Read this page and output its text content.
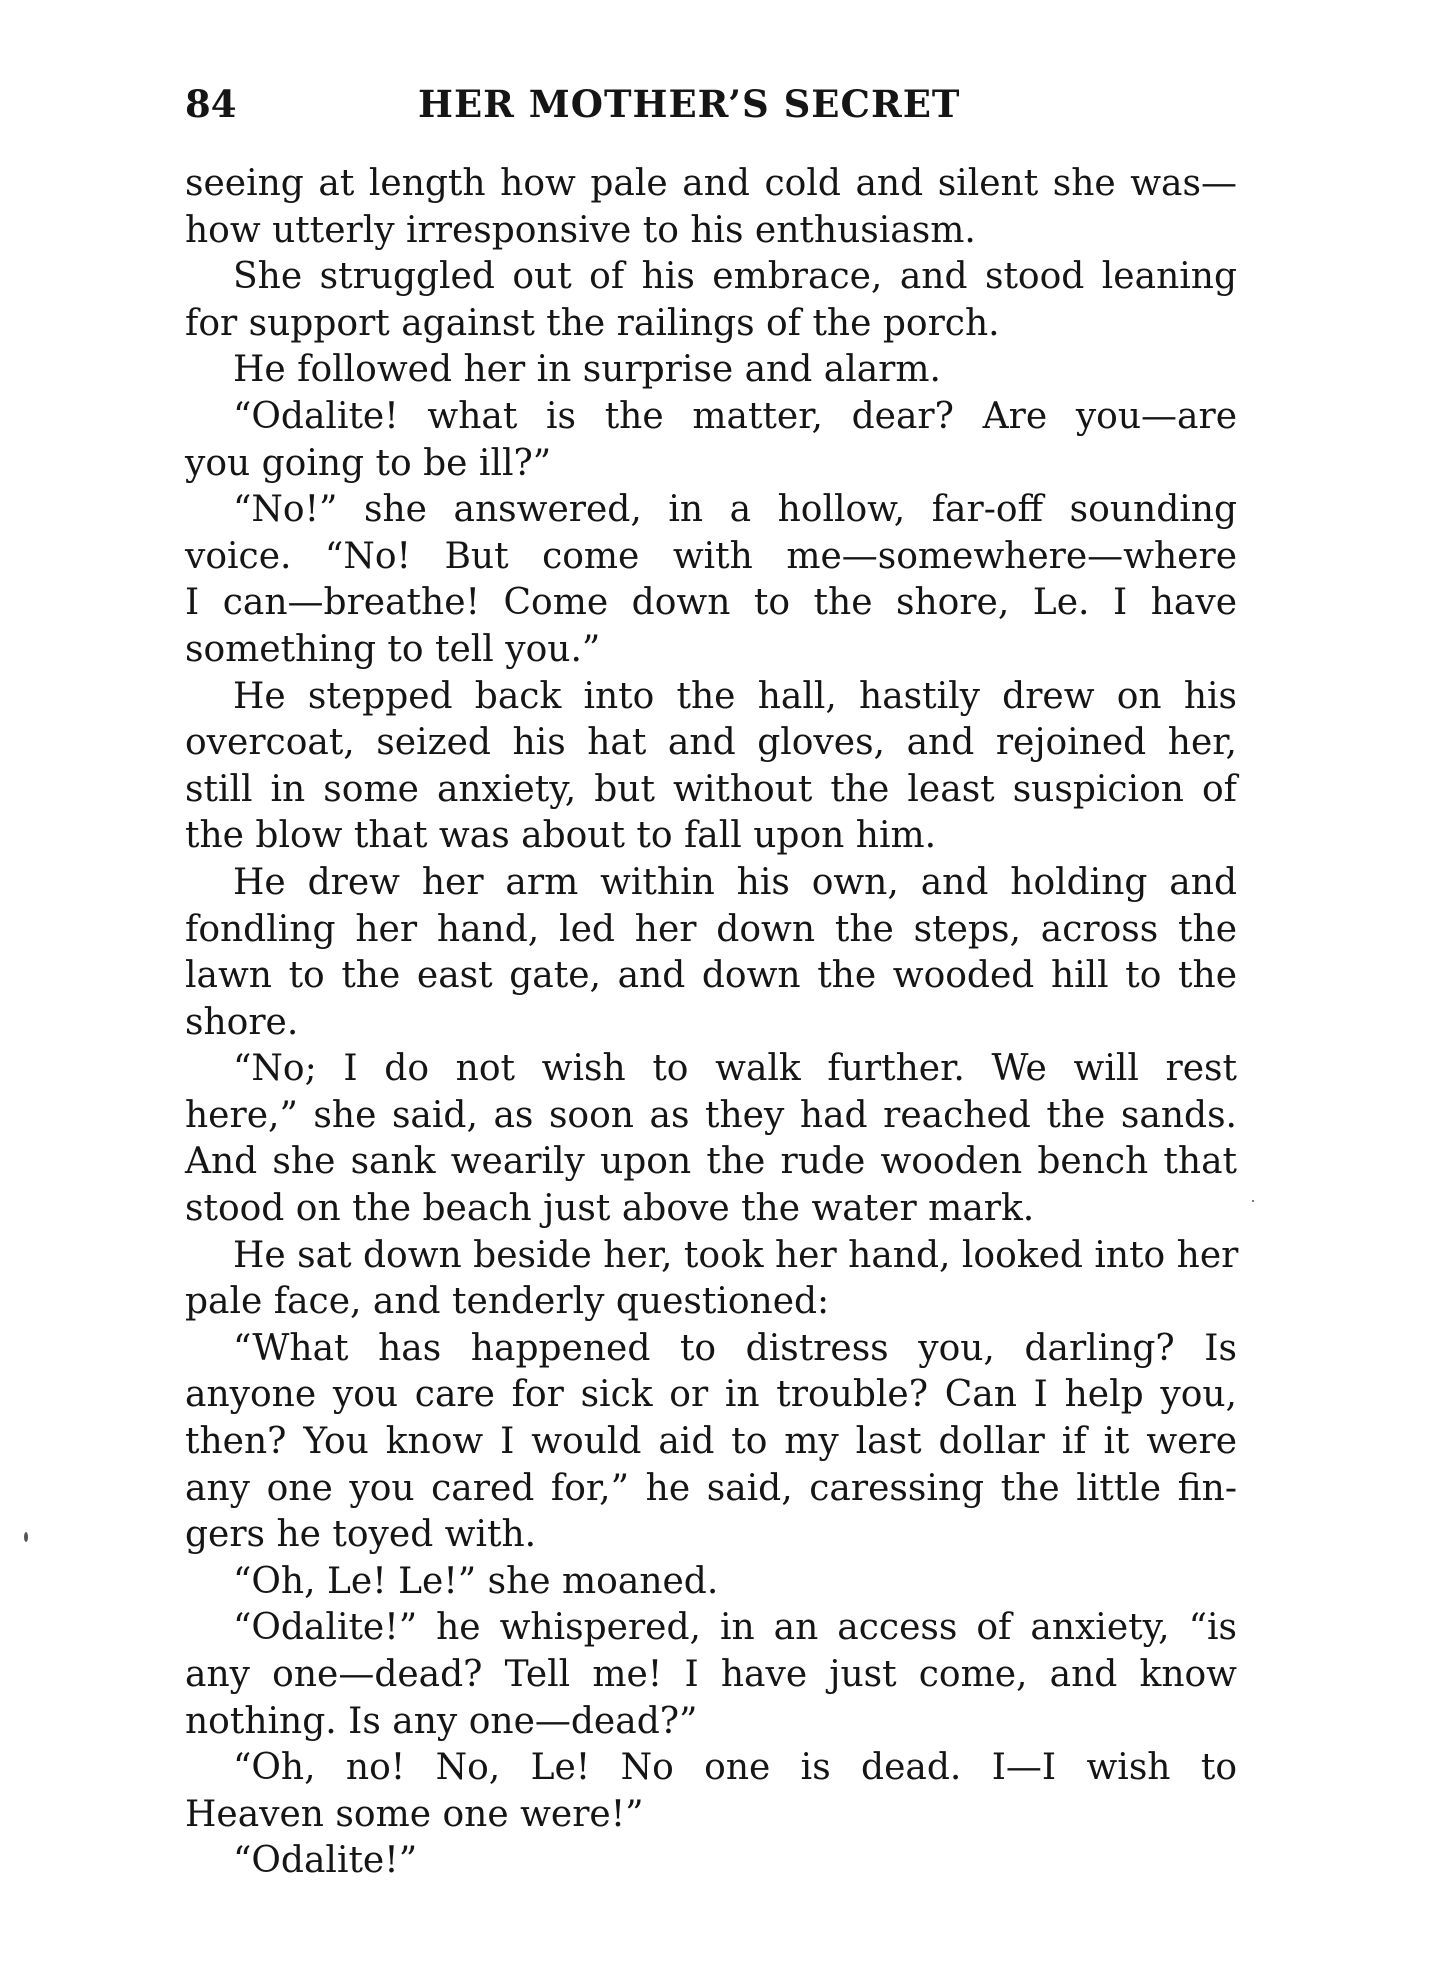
84	HER MOTHER’S SECRET
seeing at length how pale and cold and silent she was—
how utterly irresponsive to his enthusiasm.
She struggled out of his embrace, and stood leaning
for support against the railings of the porch.
He followed her in surprise and alarm.
“Odalite! what is the matter, dear? Are you—are
you going to be ill?”
“No!” she answered, in a hollow, far-off sounding
voice. “No! But come with me—somewhere—where
I can—breathe! Come down to the shore, Le. I have
something to tell you.”
He stepped back into the hall, hastily drew on his
overcoat, seized his hat and gloves, and rejoined her,
still in some anxiety, but without the least suspicion of
the blow that was about to fall upon him.
He drew her arm within his own, and holding and
fondling her hand, led her down the steps, across the
lawn to the east gate, and down the wooded hill to the
shore.
“No; I do not wish to walk further. We will rest
here,” she said, as soon as they had reached the sands.
And she sank wearily upon the rude wooden bench that
stood on the beach just above the water mark.
He sat down beside her, took her hand, looked into her
pale face, and tenderly questioned:
“What has happened to distress you, darling? Is
anyone you care for sick or in trouble? Can I help you,
then? You know I would aid to my last dollar if it were
any one you cared for,” he said, caressing the little fin-
gers he toyed with.
“Oh, Le! Le!” she moaned.
“Odalite!” he whispered, in an access of anxiety, “is
any one—dead? Tell me! I have just come, and know
nothing. Is any one—dead?”
“Oh, no! No, Le! No one is dead. I—I wish to
Heaven some one were!”
“Odalite!”
